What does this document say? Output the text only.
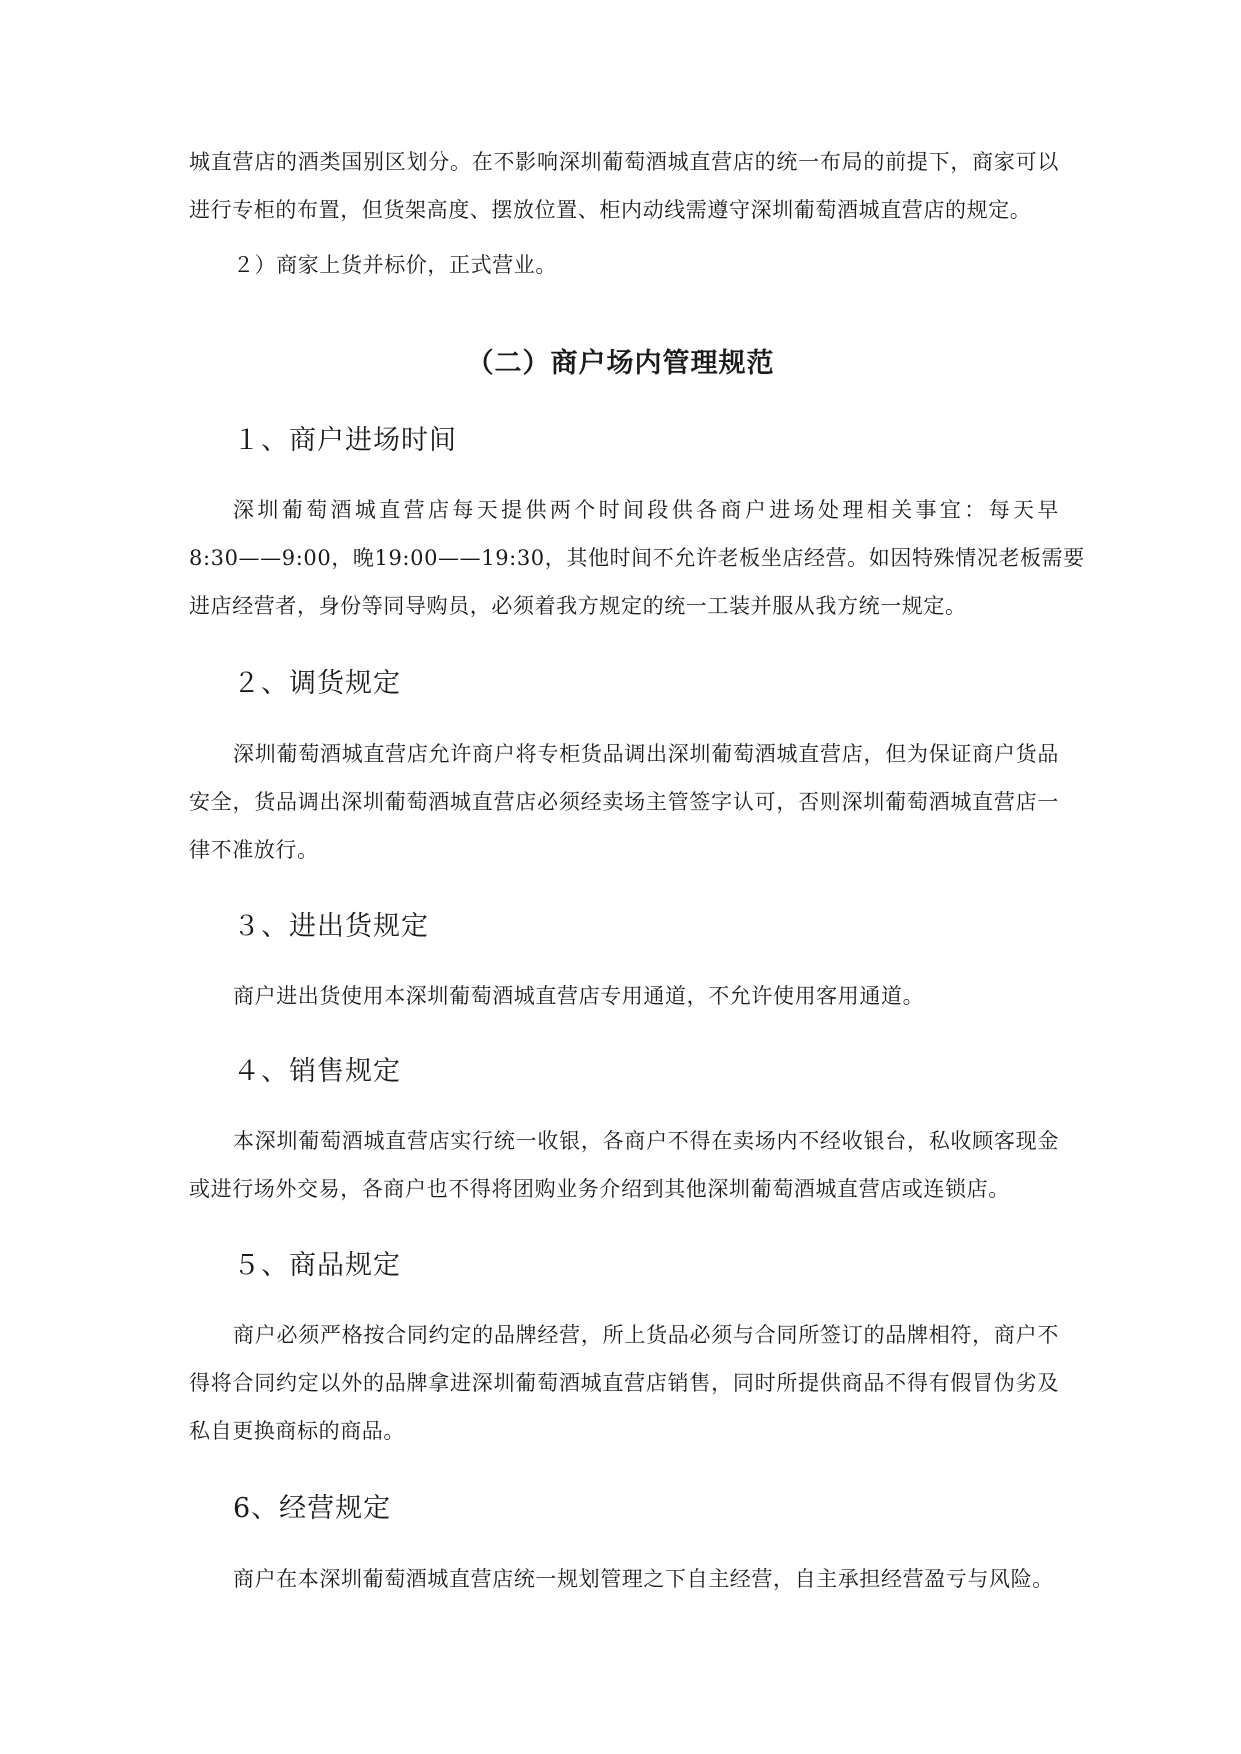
城直营店的酒类国别区划分。在不影响深圳葡萄酒城直营店的统一布局的前提下，商家可以
进行专柜的布置，但货架高度、摆放位置、柜内动线需遵守深圳葡萄酒城直营店的规定。
２）商家上货并标价，正式营业。
（二）商户场内管理规范
１、商户进场时间
深圳葡萄酒城直营店每天提供两个时间段供各商户进场处理相关事宜：每天早
8:30——9:00，晚19:00——19:30，其他时间不允许老板坐店经营。如因特殊情况老板需要
进店经营者，身份等同导购员，必须着我方规定的统一工装并服从我方统一规定。
２、调货规定
深圳葡萄酒城直营店允许商户将专柜货品调出深圳葡萄酒城直营店，但为保证商户货品
安全，货品调出深圳葡萄酒城直营店必须经卖场主管签字认可，否则深圳葡萄酒城直营店一
律不准放行。
３、进出货规定
商户进出货使用本深圳葡萄酒城直营店专用通道，不允许使用客用通道。
４、销售规定
本深圳葡萄酒城直营店实行统一收银，各商户不得在卖场内不经收银台，私收顾客现金
或进行场外交易，各商户也不得将团购业务介绍到其他深圳葡萄酒城直营店或连锁店。
５、商品规定
商户必须严格按合同约定的品牌经营，所上货品必须与合同所签订的品牌相符，商户不
得将合同约定以外的品牌拿进深圳葡萄酒城直营店销售，同时所提供商品不得有假冒伪劣及
私自更换商标的商品。
6、经营规定
商户在本深圳葡萄酒城直营店统一规划管理之下自主经营，自主承担经营盈亏与风险。
